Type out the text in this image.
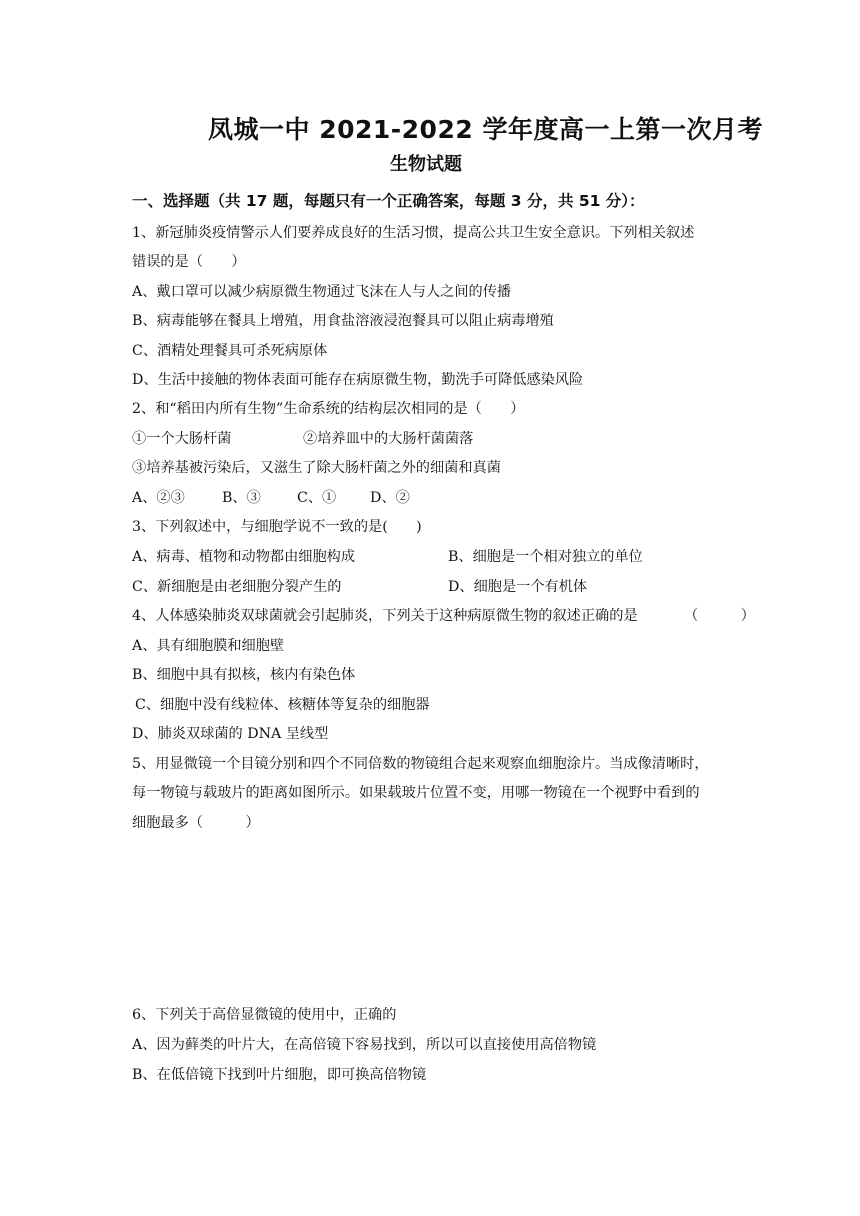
凤城一中 2021-2022 学年度高一上第一次月考
生物试题
一、选择题（共 17 题，每题只有一个正确答案，每题 3 分，共 51 分）：
1、新冠肺炎疫情警示人们要养成良好的生活习惯，提高公共卫生安全意识。下列相关叙述
错误的是（　　）
A、戴口罩可以减少病原微生物通过飞沫在人与人之间的传播
B、病毒能够在餐具上增殖，用食盐溶液浸泡餐具可以阻止病毒增殖
C、酒精处理餐具可杀死病原体
D、生活中接触的物体表面可能存在病原微生物，勤洗手可降低感染风险
2、和“稻田内所有生物”生命系统的结构层次相同的是（　　）
①一个大肠杆菌	②培养皿中的大肠杆菌菌落
③培养基被污染后，又滋生了除大肠杆菌之外的细菌和真菌
A、②③	B、③	C、① D、②
3、下列叙述中，与细胞学说不一致的是(　　)
A、病毒、植物和动物都由细胞构成	B、细胞是一个相对独立的单位
C、新细胞是由老细胞分裂产生的	D、细胞是一个有机体
4、人体感染肺炎双球菌就会引起肺炎，下列关于这种病原微生物的叙述正确的是	（　　　）
A、具有细胞膜和细胞壁
B、细胞中具有拟核，核内有染色体
C、细胞中没有线粒体、核糖体等复杂的细胞器
D、肺炎双球菌的 DNA 呈线型
5、用显微镜一个目镜分别和四个不同倍数的物镜组合起来观察血细胞涂片。当成像清晰时，
每一物镜与载玻片的距离如图所示。如果载玻片位置不变，用哪一物镜在一个视野中看到的
细胞最多（　　　）
6、下列关于高倍显微镜的使用中，正确的
A、因为藓类的叶片大，在高倍镜下容易找到，所以可以直接使用高倍物镜
B、在低倍镜下找到叶片细胞，即可换高倍物镜
